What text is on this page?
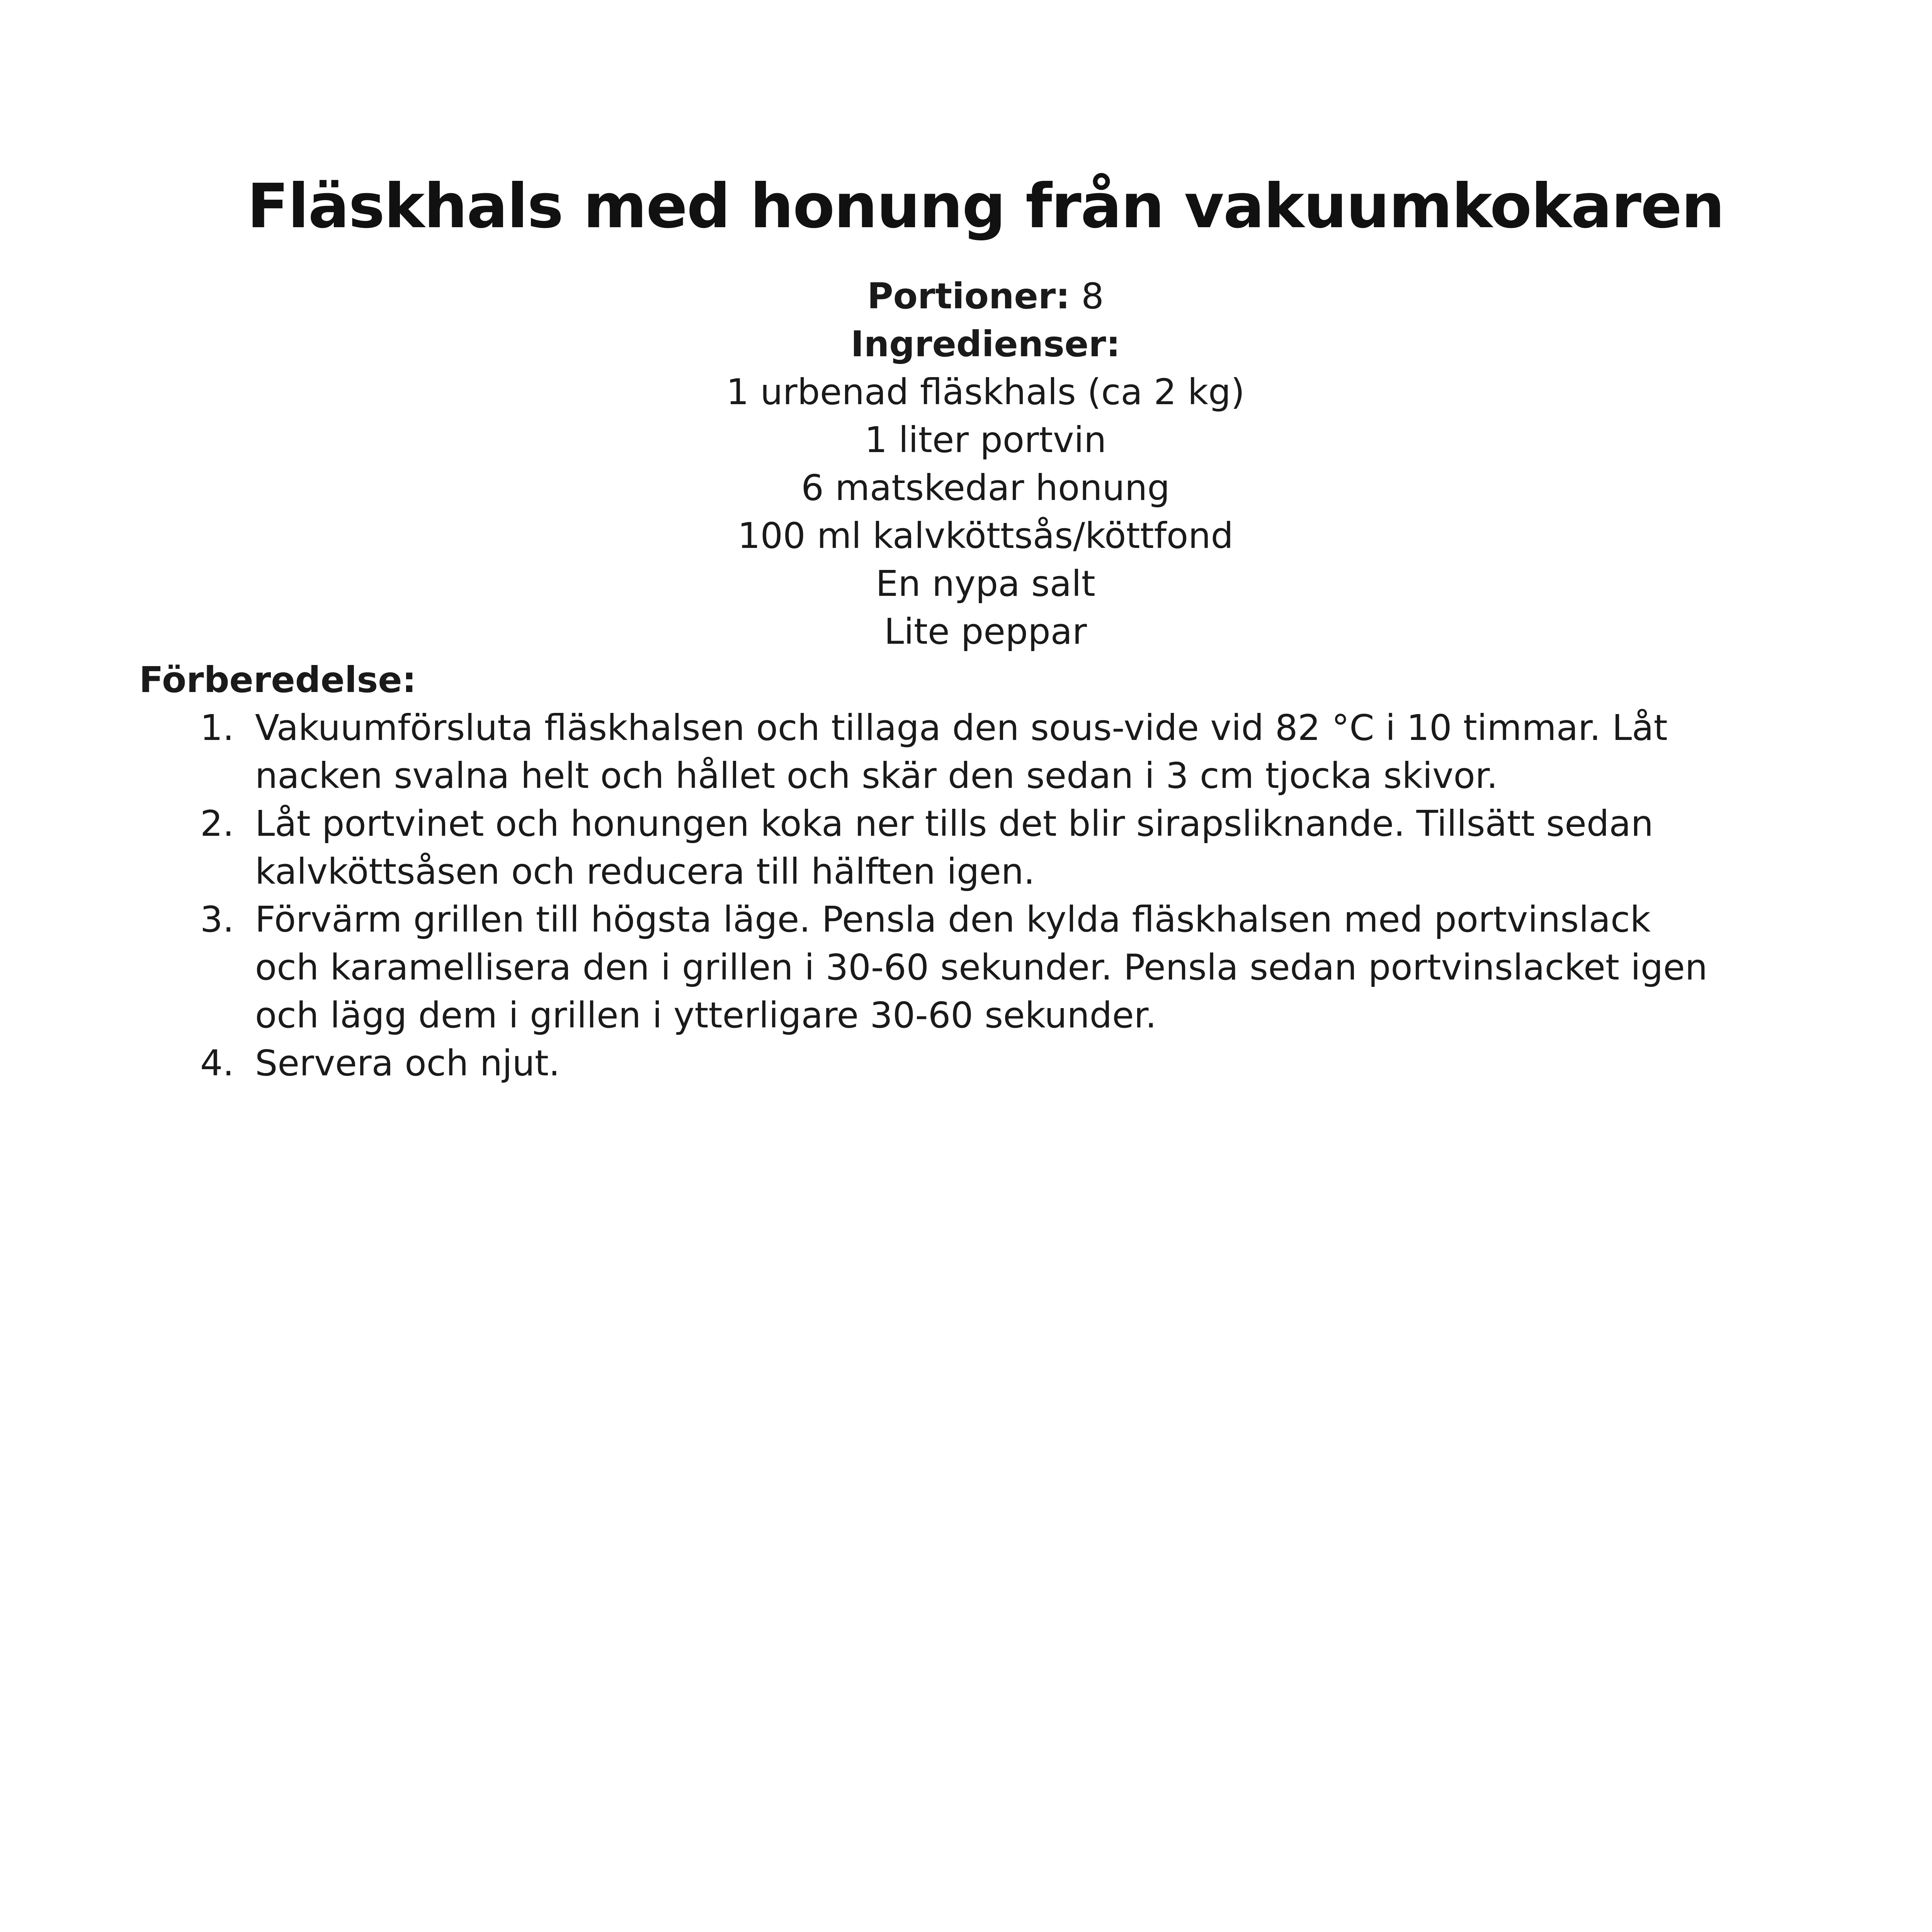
Fläskhals med honung från vakuumkokaren
Portioner: 8
Ingredienser:
1 urbenad fläskhals (ca 2 kg)
1 liter portvin
6 matskedar honung
100 ml kalvköttsås/köttfond
En nypa salt
Lite peppar
Förberedelse:
1. Vakuumförsluta fläskhalsen och tillaga den sous-vide vid 82 °C i 10 timmar. Låt
nacken svalna helt och hållet och skär den sedan i 3 cm tjocka skivor.
2. Låt portvinet och honungen koka ner tills det blir sirapsliknande. Tillsätt sedan
kalvköttsåsen och reducera till hälften igen.
3. Förvärm grillen till högsta läge. Pensla den kylda fläskhalsen med portvinslack
och karamellisera den i grillen i 30-60 sekunder. Pensla sedan portvinslacket igen
och lägg dem i grillen i ytterligare 30-60 sekunder.
4. Servera och njut.
